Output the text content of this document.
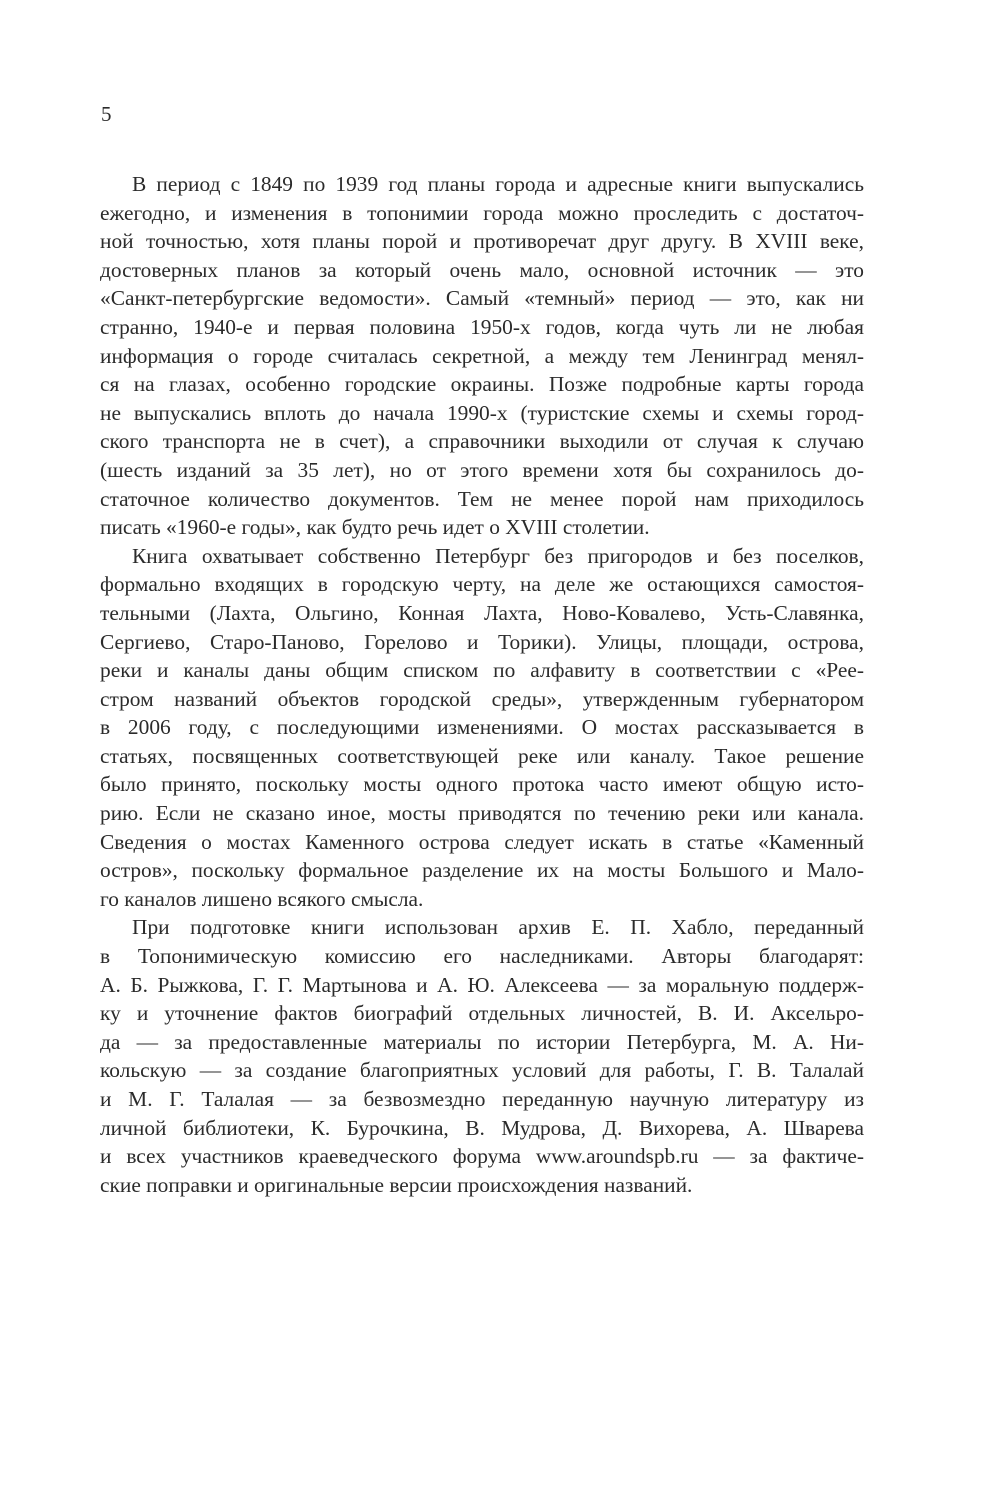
5
В период с 1849 по 1939 год планы города и адресные книги выпускались
ежегодно, и изменения в топонимии города можно проследить с достаточ-
ной точностью, хотя планы порой и противоречат друг другу. В XVIII веке,
достоверных планов за который очень мало, основной источник — это
«Санкт-петербургские ведомости». Самый «темный» период — это, как ни
странно, 1940-е и первая половина 1950-х годов, когда чуть ли не любая
информация о городе считалась секретной, а между тем Ленинград менял-
ся на глазах, особенно городские окраины. Позже подробные карты города
не выпускались вплоть до начала 1990-х (туристские схемы и схемы город-
ского транспорта не в счет), а справочники выходили от случая к случаю
(шесть изданий за 35 лет), но от этого времени хотя бы сохранилось до-
статочное количество документов. Тем не менее порой нам приходилось
писать «1960-е годы», как будто речь идет о XVIII столетии.
Книга охватывает собственно Петербург без пригородов и без поселков,
формально входящих в городскую черту, на деле же остающихся самостоя-
тельными (Лахта, Ольгино, Конная Лахта, Ново-Ковалево, Усть-Славянка,
Сергиево, Старо-Паново, Горелово и Торики). Улицы, площади, острова,
реки и каналы даны общим списком по алфавиту в соответствии с «Рее-
стром названий объектов городской среды», утвержденным губернатором
в 2006 году, с последующими изменениями. О мостах рассказывается в
статьях, посвященных соответствующей реке или каналу. Такое решение
было принято, поскольку мосты одного протока часто имеют общую исто-
рию. Если не сказано иное, мосты приводятся по течению реки или канала.
Сведения о мостах Каменного острова следует искать в статье «Каменный
остров», поскольку формальное разделение их на мосты Большого и Мало-
го каналов лишено всякого смысла.
При подготовке книги использован архив Е. П. Хабло, переданный
в Топонимическую комиссию его наследниками. Авторы благодарят:
А. Б. Рыжкова, Г. Г. Мартынова и А. Ю. Алексеева — за моральную поддерж-
ку и уточнение фактов биографий отдельных личностей, В. И. Аксельро-
да — за предоставленные материалы по истории Петербурга, М. А. Ни-
кольскую — за создание благоприятных условий для работы, Г. В. Талалай
и М. Г. Талалая — за безвозмездно переданную научную литературу из
личной библиотеки, К. Бурочкина, В. Мудрова, Д. Вихорева, А. Шварева
и всех участников краеведческого форума www.aroundspb.ru — за фактиче-
ские поправки и оригинальные версии происхождения названий.
